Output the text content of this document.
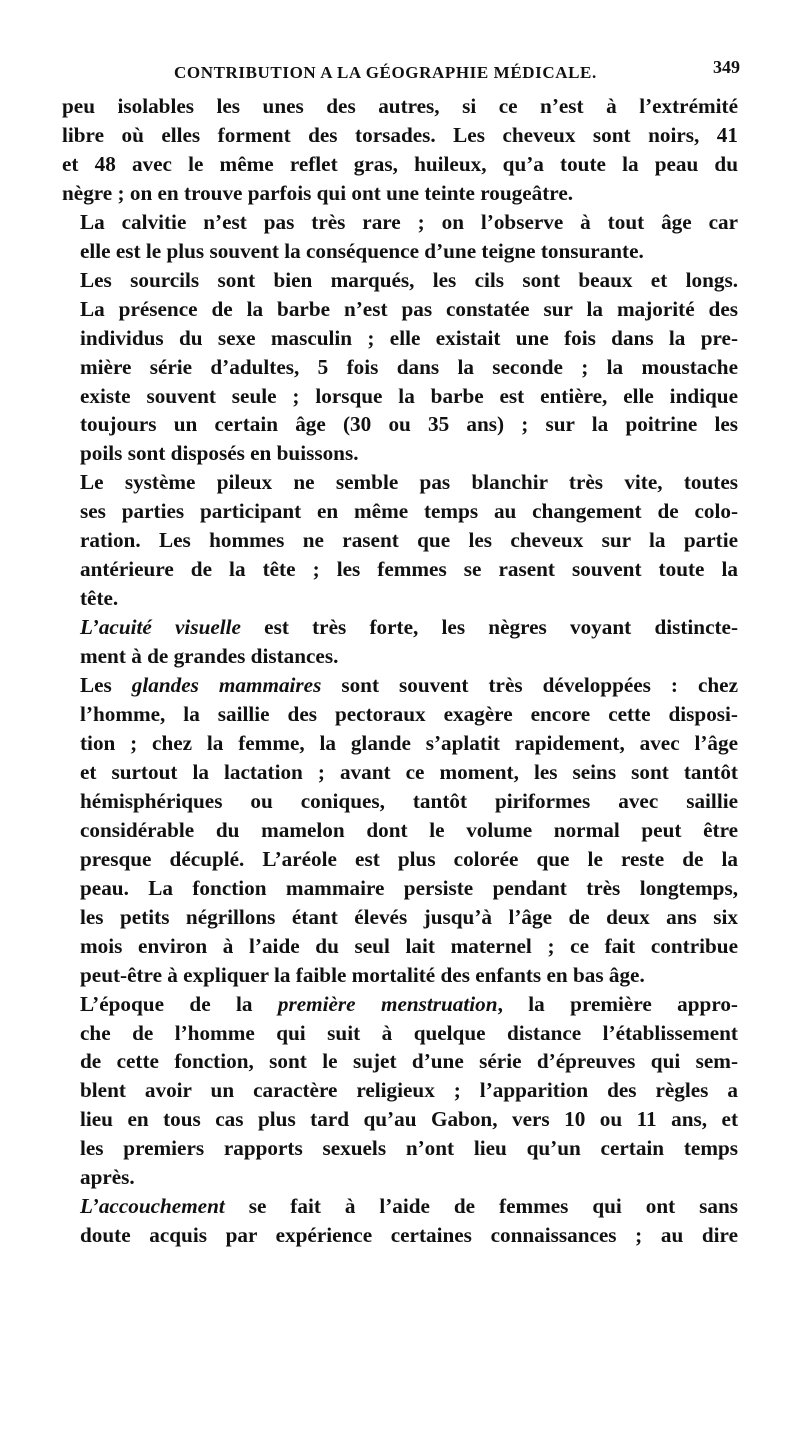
CONTRIBUTION A LA GÉOGRAPHIE MÉDICALE.	349

peu isolables les unes des autres, si ce n’est à l’extrémité
libre où elles forment des torsades. Les cheveux sont noirs, 41
et 48 avec le même reflet gras, huileux, qu’a toute la peau du
nègre ; on en trouve parfois qui ont une teinte rougeâtre.

La calvitie n’est pas très rare ; on l’observe à tout âge car
elle est le plus souvent la conséquence d’une teigne tonsurante.

Les sourcils sont bien marqués, les cils sont beaux et longs.
La présence de la barbe n’est pas constatée sur la majorité des
individus du sexe masculin ; elle existait une fois dans la pre-
mière série d’adultes, 5 fois dans la seconde ; la moustache
existe souvent seule ; lorsque la barbe est entière, elle indique
toujours un certain âge (30 ou 35 ans) ; sur la poitrine les
poils sont disposés en buissons.

Le système pileux ne semble pas blanchir très vite, toutes
ses parties participant en même temps au changement de colo-
ration. Les hommes ne rasent que les cheveux sur la partie
antérieure de la tête ; les femmes se rasent souvent toute la
tête.

L’acuité visuelle est très forte, les nègres voyant distincte-
ment à de grandes distances.

Les glandes mammaires sont souvent très développées : chez
l’homme, la saillie des pectoraux exagère encore cette disposi-
tion ; chez la femme, la glande s’aplatit rapidement, avec l’âge
et surtout la lactation ; avant ce moment, les seins sont tantôt
hémisphériques ou coniques, tantôt piriformes avec saillie
considérable du mamelon dont le volume normal peut être
presque décuplé. L’aréole est plus colorée que le reste de la
peau. La fonction mammaire persiste pendant très longtemps,
les petits négrillons étant élevés jusqu’à l’âge de deux ans six
mois environ à l’aide du seul lait maternel ; ce fait contribue
peut-être à expliquer la faible mortalité des enfants en bas âge.

L’époque de la première menstruation, la première appro-
che de l’homme qui suit à quelque distance l’établissement
de cette fonction, sont le sujet d’une série d’épreuves qui sem-
blent avoir un caractère religieux ; l’apparition des règles a
lieu en tous cas plus tard qu’au Gabon, vers 10 ou 11 ans, et
les premiers rapports sexuels n’ont lieu qu’un certain temps
après.

L’accouchement se fait à l’aide de femmes qui ont sans
doute acquis par expérience certaines connaissances ; au dire
